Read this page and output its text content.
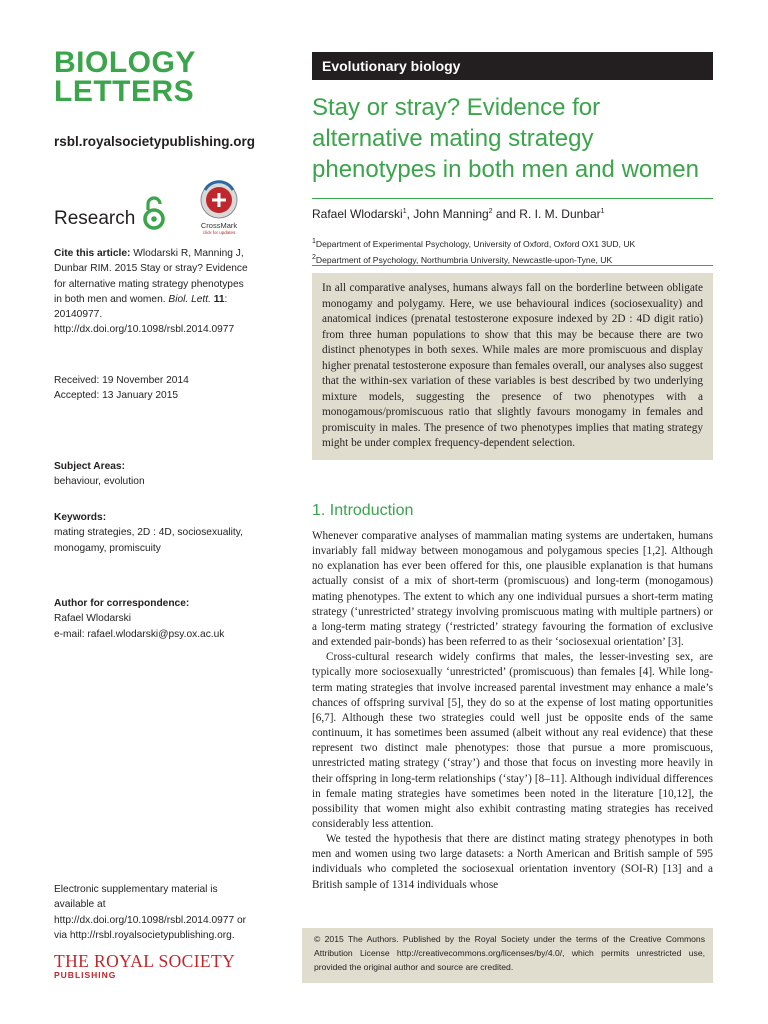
BIOLOGY
LETTERS
rsbl.royalsocietypublishing.org
Research	CrossMark
click for updates
Cite this article: Wlodarski R, Manning J, Dunbar RIM. 2015 Stay or stray? Evidence for alternative mating strategy phenotypes in both men and women. Biol. Lett. 11: 20140977. http://dx.doi.org/10.1098/rsbl.2014.0977
Received: 19 November 2014
Accepted: 13 January 2015
Subject Areas:
behaviour, evolution
Keywords:
mating strategies, 2D : 4D, sociosexuality, monogamy, promiscuity
Author for correspondence:
Rafael Wlodarski
e-mail: rafael.wlodarski@psy.ox.ac.uk
Electronic supplementary material is available at http://dx.doi.org/10.1098/rsbl.2014.0977 or via http://rsbl.royalsocietypublishing.org.
THE ROYAL SOCIETY
PUBLISHING
Evolutionary biology
Stay or stray? Evidence for alternative mating strategy phenotypes in both men and women
Rafael Wlodarski$^1$, John Manning$^2$ and R. I. M. Dunbar$^1$
$^1$Department of Experimental Psychology, University of Oxford, Oxford OX1 3UD, UK
$^2$Department of Psychology, Northumbria University, Newcastle-upon-Tyne, UK
In all comparative analyses, humans always fall on the borderline between obligate monogamy and polygamy. Here, we use behavioural indices (sociosexuality) and anatomical indices (prenatal testosterone exposure indexed by 2D : 4D digit ratio) from three human populations to show that this may be because there are two distinct phenotypes in both sexes. While males are more promiscuous and display higher prenatal testosterone exposure than females overall, our analyses also suggest that the within-sex variation of these variables is best described by two underlying mixture models, suggesting the presence of two phenotypes with a monogamous/promiscuous ratio that slightly favours monogamy in females and promiscuity in males. The presence of two phenotypes implies that mating strategy might be under complex frequency-dependent selection.
1. Introduction

Whenever comparative analyses of mammalian mating systems are undertaken, humans invariably fall midway between monogamous and polygamous species [1,2]. Although no explanation has ever been offered for this, one plausible explanation is that humans actually consist of a mix of short-term (promiscuous) and long-term (monogamous) mating phenotypes. The extent to which any one individual pursues a short-term mating strategy (‘unrestricted’ strategy involving promiscuous mating with multiple partners) or a long-term mating strategy (‘restricted’ strategy favouring the formation of exclusive and extended pair-bonds) has been referred to as their ‘sociosexual orientation’ [3].

Cross-cultural research widely confirms that males, the lesser-investing sex, are typically more sociosexually ‘unrestricted’ (promiscuous) than females [4]. While long-term mating strategies that involve increased parental investment may enhance a male’s chances of offspring survival [5], they do so at the expense of lost mating opportunities [6,7]. Although these two strategies could well just be opposite ends of the same continuum, it has sometimes been assumed (albeit without any real evidence) that these represent two distinct male phenotypes: those that pursue a more promiscuous, unrestricted mating strategy (‘stray’) and those that focus on investing more heavily in their offspring in long-term relationships (‘stay’) [8–11]. Although individual differences in female mating strategies have sometimes been noted in the literature [10,12], the possibility that women might also exhibit contrasting mating strategies has received considerably less attention.

We tested the hypothesis that there are distinct mating strategy phenotypes in both men and women using two large datasets: a North American and British sample of 595 individuals who completed the sociosexual orientation inventory (SOI-R) [13] and a British sample of 1314 individuals whose

© 2015 The Authors. Published by the Royal Society under the terms of the Creative Commons Attribution License http://creativecommons.org/licenses/by/4.0/, which permits unrestricted use, provided the original author and source are credited.
